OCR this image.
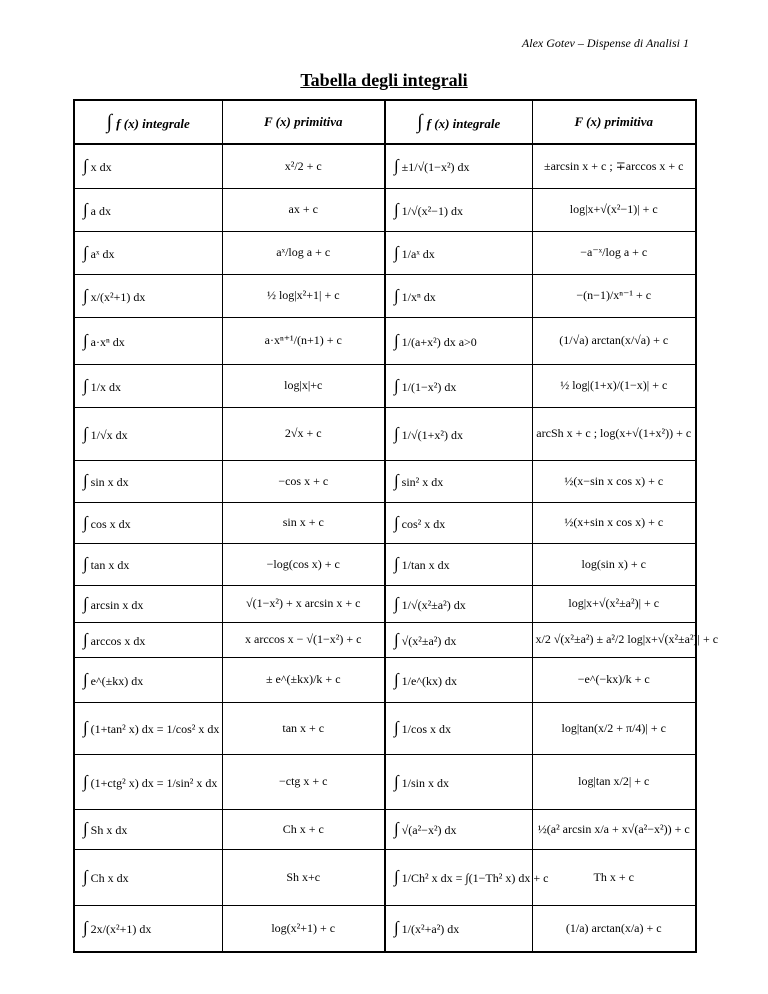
Alex Gotev – Dispense di Analisi 1
Tabella degli integrali
∫ f (x) integrale	F (x) primitiva	∫ f (x) integrale	F (x) primitiva
∫ x dx	x²/2 + c	∫ ±1/√(1−x²) dx	±arcsin x + c ; ∓arccos x + c
∫ a dx	ax + c	∫ 1/√(x²−1) dx	log|x+√(x²−1)| + c
∫ aˣ dx	aˣ/log a + c	∫ 1/aˣ dx	−a⁻ˣ/log a + c
∫ x/(x²+1) dx	½ log|x²+1| + c	∫ 1/xⁿ dx	−(n−1)/xⁿ⁻¹ + c
∫ a·xⁿ dx	a·xⁿ⁺¹/(n+1) + c	∫ 1/(a+x²) dx a>0	(1/√a) arctan(x/√a) + c
∫ 1/x dx	log|x|+c	∫ 1/(1−x²) dx	½ log|(1+x)/(1−x)| + c
∫ 1/√x dx	2√x + c	∫ 1/√(1+x²) dx	arcSh x + c ; log(x+√(1+x²)) + c
∫ sin x dx	−cos x + c	∫ sin² x dx	½(x−sin x cos x) + c
∫ cos x dx	sin x + c	∫ cos² x dx	½(x+sin x cos x) + c
∫ tan x dx	−log(cos x) + c	∫ 1/tan x dx	log(sin x) + c
∫ arcsin x dx	√(1−x²) + x arcsin x + c	∫ 1/√(x²±a²) dx	log|x+√(x²±a²)| + c
∫ arccos x dx	x arccos x − √(1−x²) + c	∫ √(x²±a²) dx	x/2 √(x²±a²) ± a²/2 log|x+√(x²±a²)| + c
∫ e^(±kx) dx	± e^(±kx)/k + c	∫ 1/e^(kx) dx	−e^(−kx)/k + c
∫ (1+tan² x) dx = 1/cos² x dx	tan x + c	∫ 1/cos x dx	log|tan(x/2 + π/4)| + c
∫ (1+ctg² x) dx = 1/sin² x dx	−ctg x + c	∫ 1/sin x dx	log|tan x/2| + c
∫ Sh x dx	Ch x + c	∫ √(a²−x²) dx	½(a² arcsin x/a + x√(a²−x²)) + c
∫ Ch x dx	Sh x+c	∫ 1/Ch² x dx = ∫(1−Th² x) dx + c	Th x + c
∫ 2x/(x²+1) dx	log(x²+1) + c	∫ 1/(x²+a²) dx	(1/a) arctan(x/a) + c
